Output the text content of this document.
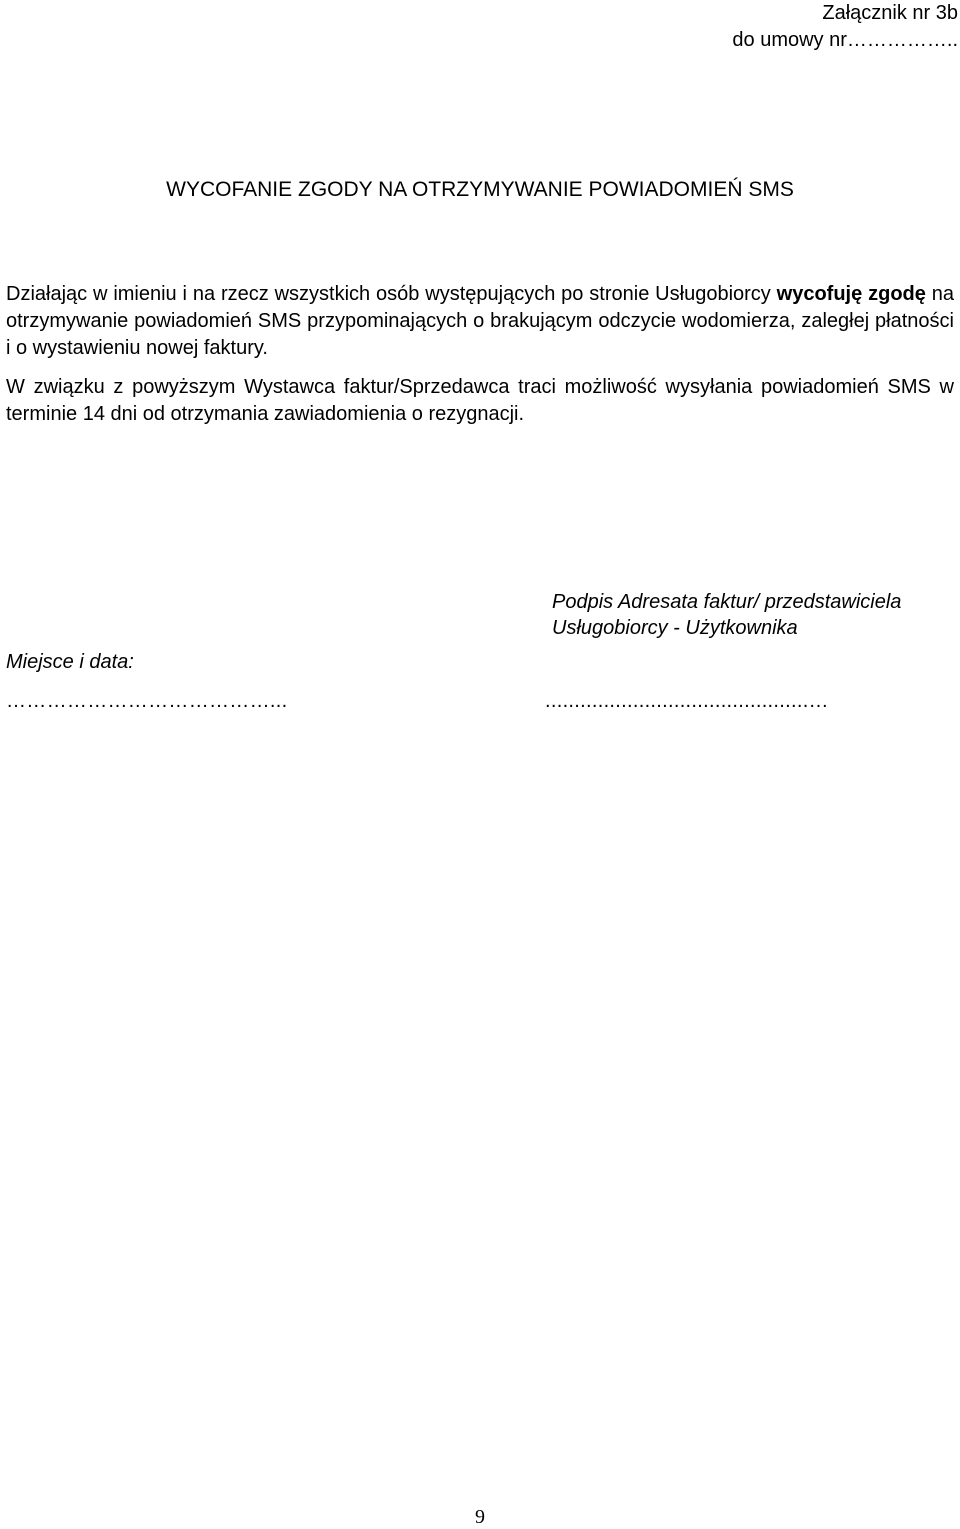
Załącznik nr 3b
do umowy nr……………..
WYCOFANIE ZGODY NA OTRZYMYWANIE POWIADOMIEŃ SMS
Działając w imieniu i na rzecz wszystkich osób występujących po stronie Usługobiorcy wycofuję zgodę na otrzymywanie powiadomień SMS przypominających o brakującym odczycie wodomierza, zaległej płatności i o wystawieniu nowej faktury.
W związku z powyższym Wystawca faktur/Sprzedawca traci możliwość wysyłania powiadomień SMS w terminie 14 dni od otrzymania zawiadomienia o rezygnacji.
Podpis Adresata faktur/ przedstawiciela
Usługobiorcy - Użytkownika
Miejsce i data:
…………………………………...	.............................................…
9
